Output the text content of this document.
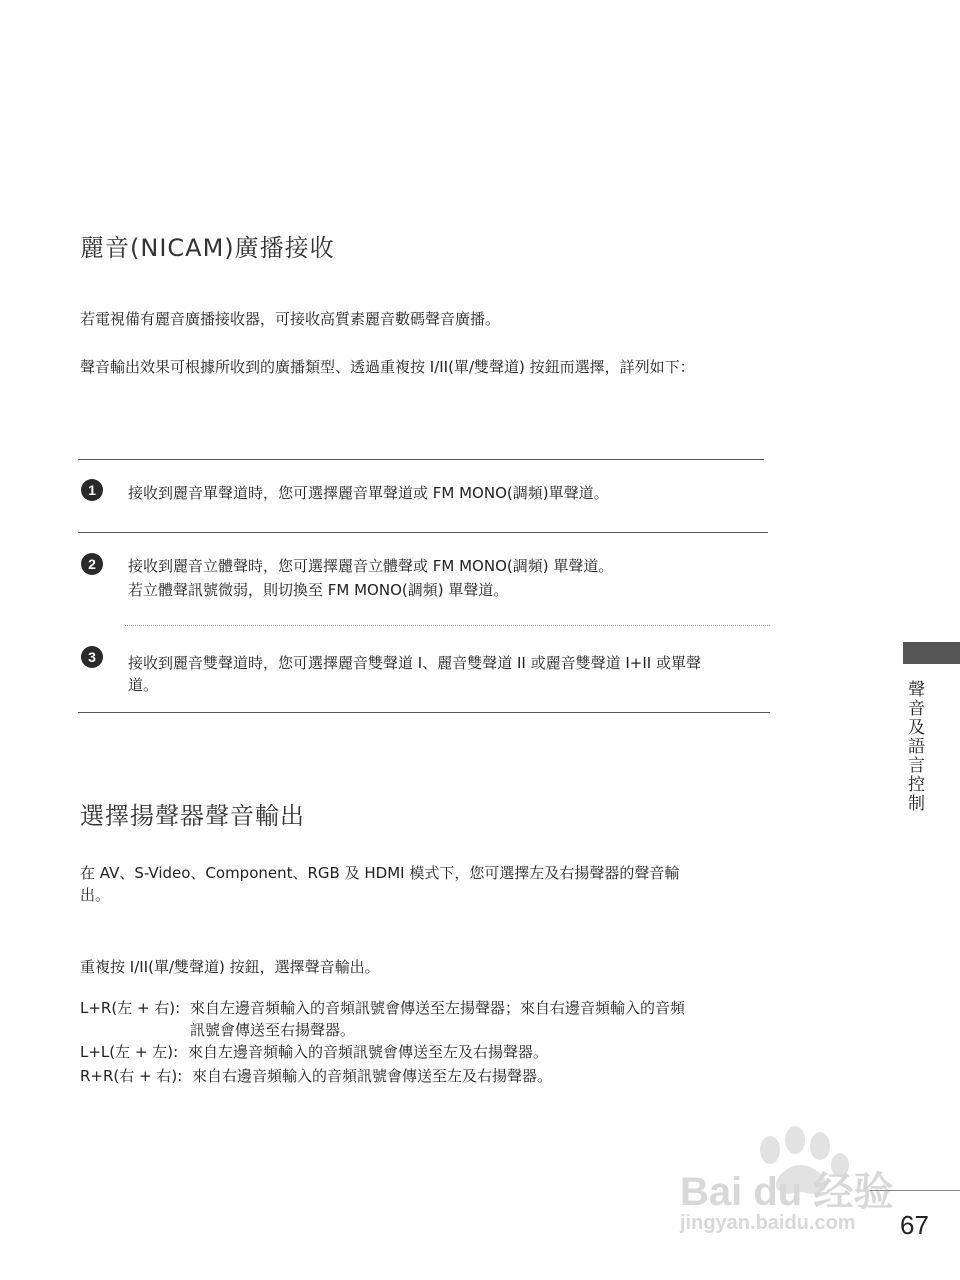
麗音(NICAM)廣播接收
若電視備有麗音廣播接收器，可接收高質素麗音數碼聲音廣播。
聲音輸出效果可根據所收到的廣播類型、透過重複按 I/II(單/雙聲道) 按鈕而選擇，詳列如下：
1	接收到麗音單聲道時，您可選擇麗音單聲道或 FM MONO(調頻)單聲道。
2	接收到麗音立體聲時，您可選擇麗音立體聲或 FM MONO(調頻) 單聲道。
若立體聲訊號微弱，則切換至 FM MONO(調頻) 單聲道。
3	接收到麗音雙聲道時，您可選擇麗音雙聲道 I、麗音雙聲道 II 或麗音雙聲道 I+II 或單聲
道。
選擇揚聲器聲音輸出
在 AV、S-Video、Component、RGB 及 HDMI 模式下，您可選擇左及右揚聲器的聲音輸
出。
重複按 I/II(單/雙聲道) 按鈕，選擇聲音輸出。
L+R(左 + 右): 來自左邊音頻輸入的音頻訊號會傳送至左揚聲器；來自右邊音頻輸入的音頻
訊號會傳送至右揚聲器。
L+L(左 + 左): 來自左邊音頻輸入的音頻訊號會傳送至左及右揚聲器。
R+R(右 + 右): 來自右邊音頻輸入的音頻訊號會傳送至左及右揚聲器。
聲音及語言控制
Bai du 经验
jingyan.baidu.com 67
